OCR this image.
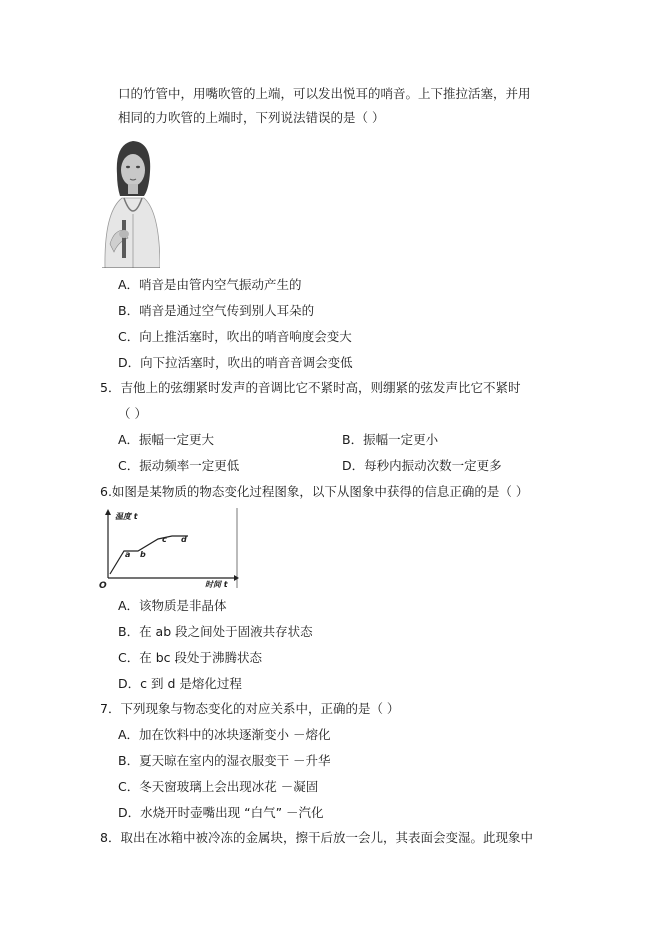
口的竹管中，用嘴吹管的上端，可以发出悦耳的哨音。上下推拉活塞，并用
相同的力吹管的上端时，下列说法错误的是（ ）
A．哨音是由管内空气振动产生的
B．哨音是通过空气传到别人耳朵的
C．向上推活塞时，吹出的哨音响度会变大
D．向下拉活塞时，吹出的哨音音调会变低
5．吉他上的弦绷紧时发声的音调比它不紧时高，则绷紧的弦发声比它不紧时
（ ）
A．振幅一定更大	B．振幅一定更小
C．振动频率一定更低	D．每秒内振动次数一定更多
6.如图是某物质的物态变化过程图象，以下从图象中获得的信息正确的是（ ）
温度 t
时间 t
O
a b
c d
A．该物质是非晶体
B．在 ab 段之间处于固液共存状态
C．在 bc 段处于沸腾状态
D．c 到 d 是熔化过程
7．下列现象与物态变化的对应关系中，正确的是（ ）
A．加在饮料中的冰块逐渐变小 －熔化
B．夏天晾在室内的湿衣服变干 －升华
C．冬天窗玻璃上会出现冰花 －凝固
D．水烧开时壶嘴出现 “白气” －汽化
8．取出在冰箱中被冷冻的金属块，擦干后放一会儿，其表面会变湿。此现象中
